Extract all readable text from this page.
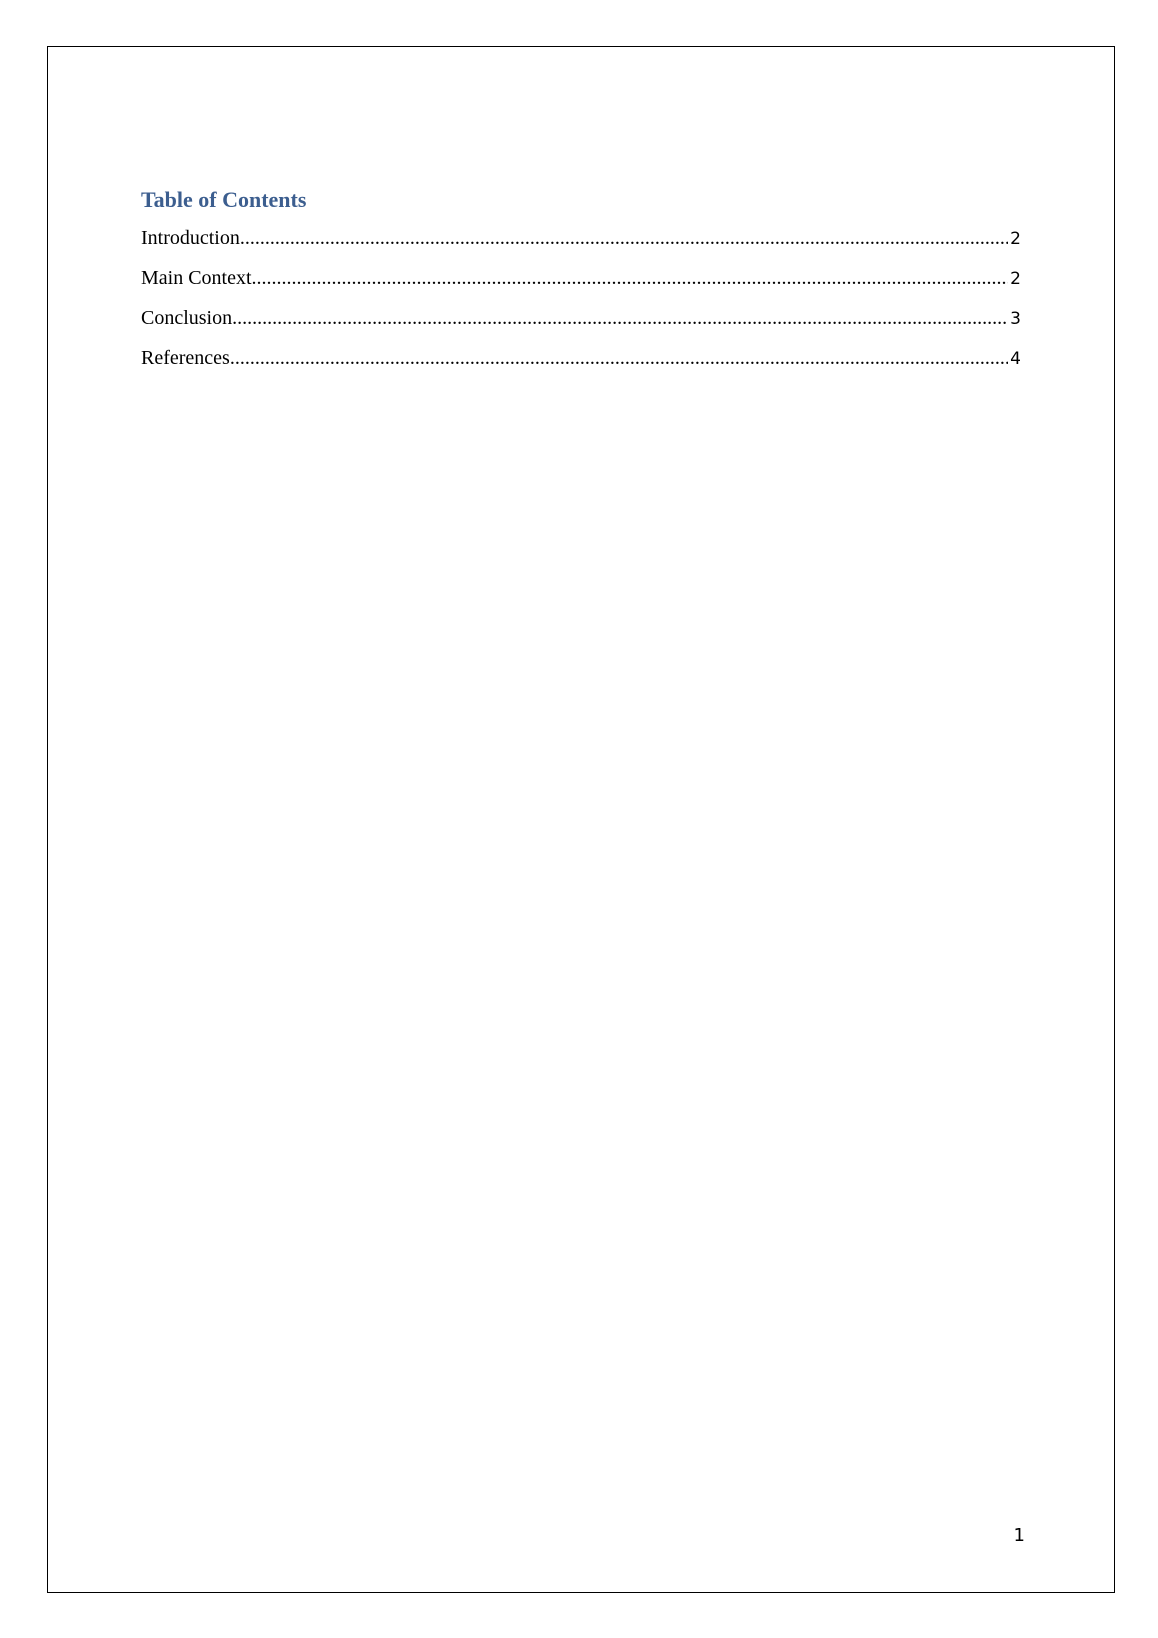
Table of Contents
Introduction .....	2
Main Context .....	2
Conclusion .....	3
References .....	4
1
